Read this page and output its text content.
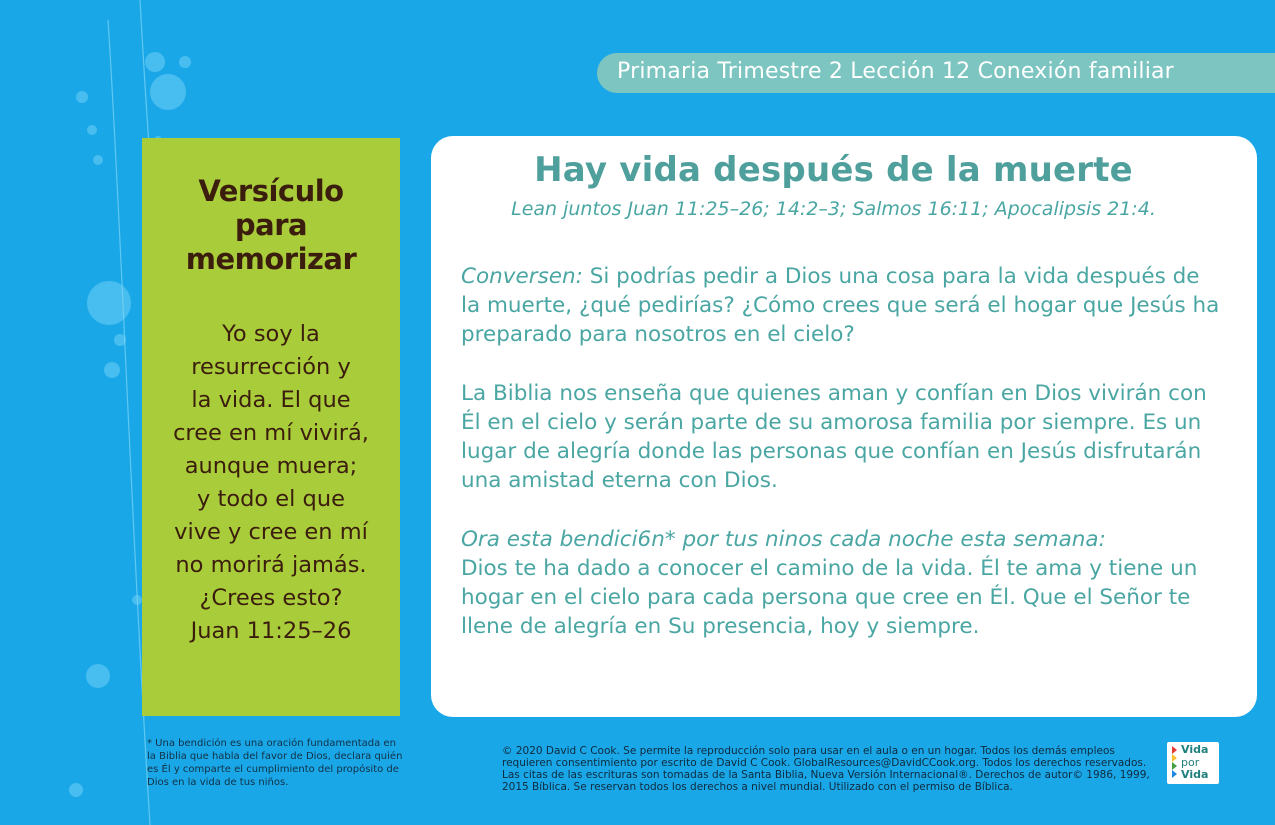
Primaria Trimestre 2 Lección 12 Conexión familiar
Versículo
para
memorizar
Yo soy la
resurrección y
la vida. El que
cree en mí vivirá,
aunque muera;
y todo el que
vive y cree en mí
no morirá jamás.
¿Crees esto?
Juan 11:25–26
Hay vida después de la muerte
Lean juntos Juan 11:25–26; 14:2–3; Salmos 16:11; Apocalipsis 21:4.
Conversen: Si podrías pedir a Dios una cosa para la vida después de la muerte, ¿qué pedirías? ¿Cómo crees que será el hogar que Jesús ha preparado para nosotros en el cielo?
La Biblia nos enseña que quienes aman y confían en Dios vivirán con Él en el cielo y serán parte de su amorosa familia por siempre. Es un lugar de alegría donde las personas que confían en Jesús disfrutarán una amistad eterna con Dios.
Ora esta bendici6n* por tus ninos cada noche esta semana:
Dios te ha dado a conocer el camino de la vida. Él te ama y tiene un hogar en el cielo para cada persona que cree en Él. Que el Señor te llene de alegría en Su presencia, hoy y siempre.
* Una bendición es una oración fundamentada en la Biblia que habla del favor de Dios, declara quién es Él y comparte el cumplimiento del propósito de Dios en la vida de tus niños.
© 2020 David C Cook. Se permite la reproducción solo para usar en el aula o en un hogar. Todos los demás empleos requieren consentimiento por escrito de David C Cook. GlobalResources@DavidCCook.org. Todos los derechos reservados. Las citas de las escrituras son tomadas de la Santa Biblia, Nueva Versión Internacional®. Derechos de autor© 1986, 1999, 2015 Bíblica. Se reservan todos los derechos a nivel mundial. Utilizado con el permiso de Bíblica.
Vida
por
Vida
